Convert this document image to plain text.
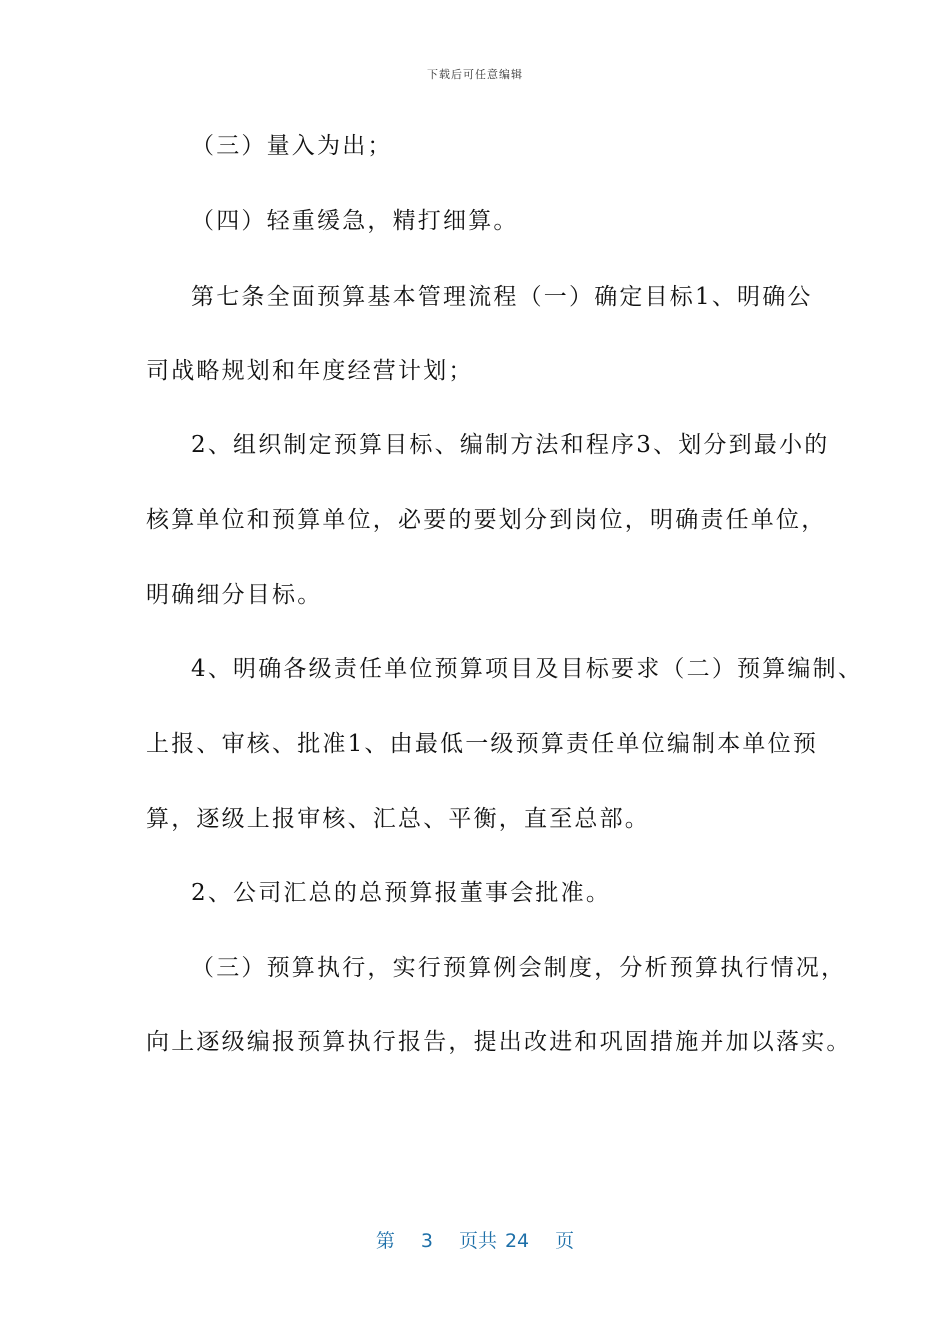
下载后可任意编辑
（三）量入为出；
（四）轻重缓急，精打细算。
第七条全面预算基本管理流程（一）确定目标1、明确公
司战略规划和年度经营计划；
2、组织制定预算目标、编制方法和程序3、划分到最小的
核算单位和预算单位，必要的要划分到岗位，明确责任单位，
明确细分目标。
4、明确各级责任单位预算项目及目标要求（二）预算编制、
上报、审核、批准1、由最低一级预算责任单位编制本单位预
算，逐级上报审核、汇总、平衡，直至总部。
2、公司汇总的总预算报董事会批准。
（三）预算执行，实行预算例会制度，分析预算执行情况，
向上逐级编报预算执行报告，提出改进和巩固措施并加以落实。
第 3 页共 24 页
